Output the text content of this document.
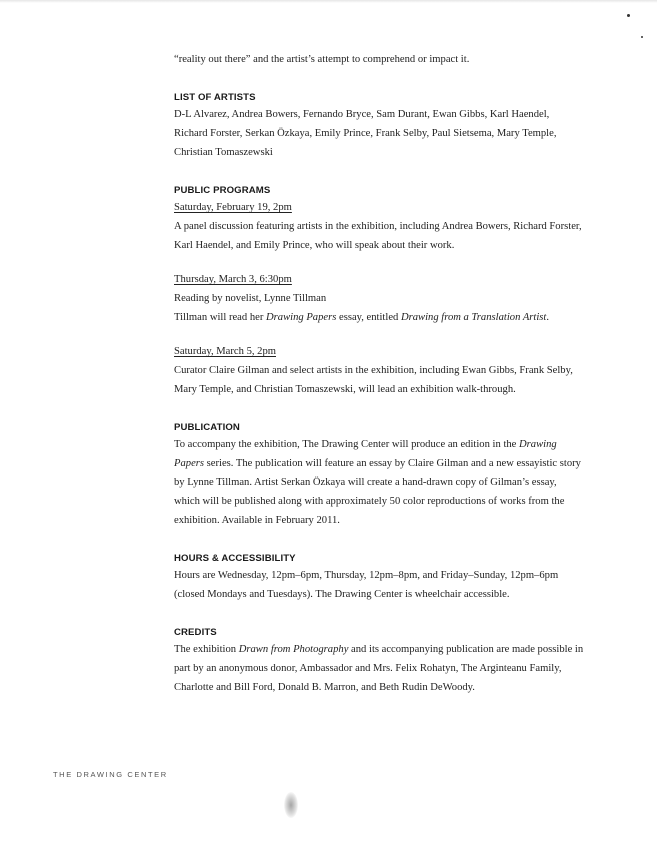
“reality out there” and the artist’s attempt to comprehend or impact it.

LIST OF ARTISTS

D-L Alvarez, Andrea Bowers, Fernando Bryce, Sam Durant, Ewan Gibbs, Karl Haendel, Richard Forster, Serkan Özkaya, Emily Prince, Frank Selby, Paul Sietsema, Mary Temple, Christian Tomaszewski

PUBLIC PROGRAMS

Saturday, February 19, 2pm

A panel discussion featuring artists in the exhibition, including Andrea Bowers, Richard Forster, Karl Haendel, and Emily Prince, who will speak about their work.

Thursday, March 3, 6:30pm

Reading by novelist, Lynne Tillman

Tillman will read her Drawing Papers essay, entitled Drawing from a Translation Artist.

Saturday, March 5, 2pm

Curator Claire Gilman and select artists in the exhibition, including Ewan Gibbs, Frank Selby, Mary Temple, and Christian Tomaszewski, will lead an exhibition walk-through.

PUBLICATION

To accompany the exhibition, The Drawing Center will produce an edition in the Drawing Papers series. The publication will feature an essay by Claire Gilman and a new essayistic story by Lynne Tillman. Artist Serkan Özkaya will create a hand-drawn copy of Gilman’s essay, which will be published along with approximately 50 color reproductions of works from the exhibition. Available in February 2011.

HOURS & ACCESSIBILITY

Hours are Wednesday, 12pm–6pm, Thursday, 12pm–8pm, and Friday–Sunday, 12pm–6pm (closed Mondays and Tuesdays). The Drawing Center is wheelchair accessible.

CREDITS

The exhibition Drawn from Photography and its accompanying publication are made possible in part by an anonymous donor, Ambassador and Mrs. Felix Rohatyn, The Arginteanu Family, Charlotte and Bill Ford, Donald B. Marron, and Beth Rudin DeWoody.

THE DRAWING CENTER
